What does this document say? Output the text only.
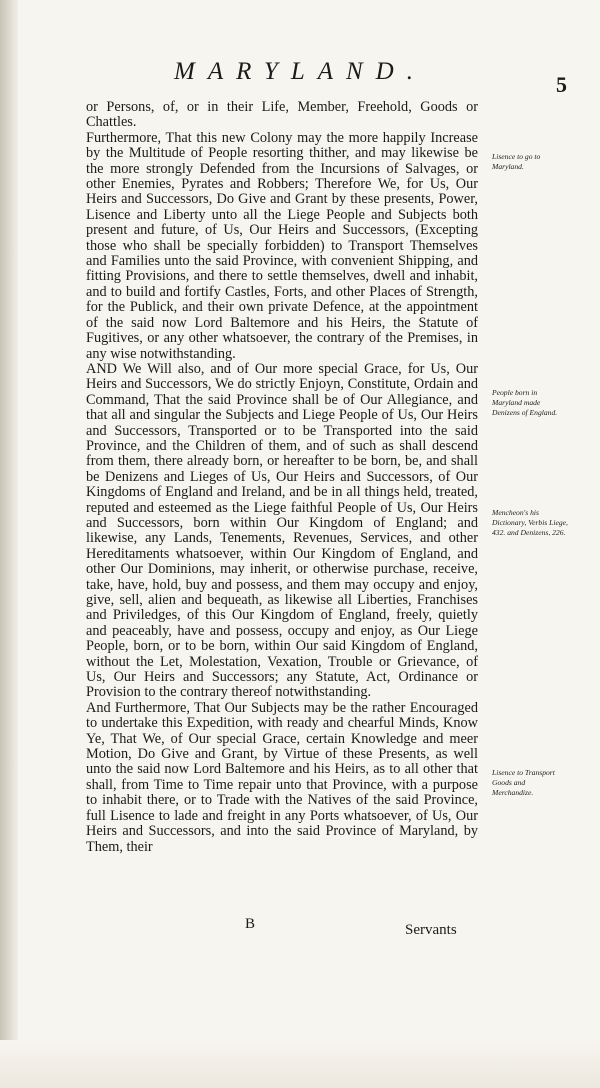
MARYLAND.	5

or Persons, of, or in their Life, Member, Freehold, Goods or Chattles.

Furthermore, That this new Colony may the more happily Increase by the Multitude of People resorting thither, and may likewise be the more strongly Defended from the Incursions of Salvages, or other Enemies, Pyrates and Robbers; Therefore We, for Us, Our Heirs and Successors, Do Give and Grant by these presents, Power, Lisence and Liberty unto all the Liege People and Subjects both present and future, of Us, Our Heirs and Successors, (Excepting those who shall be specially forbidden) to Transport Themselves and Families unto the said Province, with convenient Shipping, and fitting Provisions, and there to settle themselves, dwell and inhabit, and to build and fortify Castles, Forts, and other Places of Strength, for the Publick, and their own private Defence, at the appointment of the said now Lord Baltemore and his Heirs, the Statute of Fugitives, or any other whatsoever, the contrary of the Premises, in any wise notwithstanding.

AND We Will also, and of Our more special Grace, for Us, Our Heirs and Successors, We do strictly Enjoyn, Constitute, Ordain and Command, That the said Province shall be of Our Allegiance, and that all and singular the Subjects and Liege People of Us, Our Heirs and Successors, Transported or to be Transported into the said Province, and the Children of them, and of such as shall descend from them, there already born, or hereafter to be born, be, and shall be Denizens and Lieges of Us, Our Heirs and Successors, of Our Kingdoms of England and Ireland, and be in all things held, treated, reputed and esteemed as the Liege faithful People of Us, Our Heirs and Successors, born within Our Kingdom of England; and likewise, any Lands, Tenements, Revenues, Services, and other Hereditaments whatsoever, within Our Kingdom of England, and other Our Dominions, may inherit, or otherwise purchase, receive, take, have, hold, buy and possess, and them may occupy and enjoy, give, sell, alien and bequeath, as likewise all Liberties, Franchises and Priviledges, of this Our Kingdom of England, freely, quietly and peaceably, have and possess, occupy and enjoy, as Our Liege People, born, or to be born, within Our said Kingdom of England, without the Let, Molestation, Vexation, Trouble or Grievance, of Us, Our Heirs and Successors; any Statute, Act, Ordinance or Provision to the contrary thereof notwithstanding.

And Furthermore, That Our Subjects may be the rather Encouraged to undertake this Expedition, with ready and chearful Minds, Know Ye, That We, of Our special Grace, certain Knowledge and meer Motion, Do Give and Grant, by Virtue of these Presents, as well unto the said now Lord Baltemore and his Heirs, as to all other that shall, from Time to Time repair unto that Province, with a purpose to inhabit there, or to Trade with the Natives of the said Province, full Lisence to lade and freight in any Ports whatsoever, of Us, Our Heirs and Successors, and into the said Province of Maryland, by Them, their

Lisence to go to Maryland.
People born in Maryland made Denizens of England.
Mencheon's his Dictionary, Verbis Liege, 432. and Denizens, 226.
Lisence to Transport Goods and Merchandize.
B	Servants
